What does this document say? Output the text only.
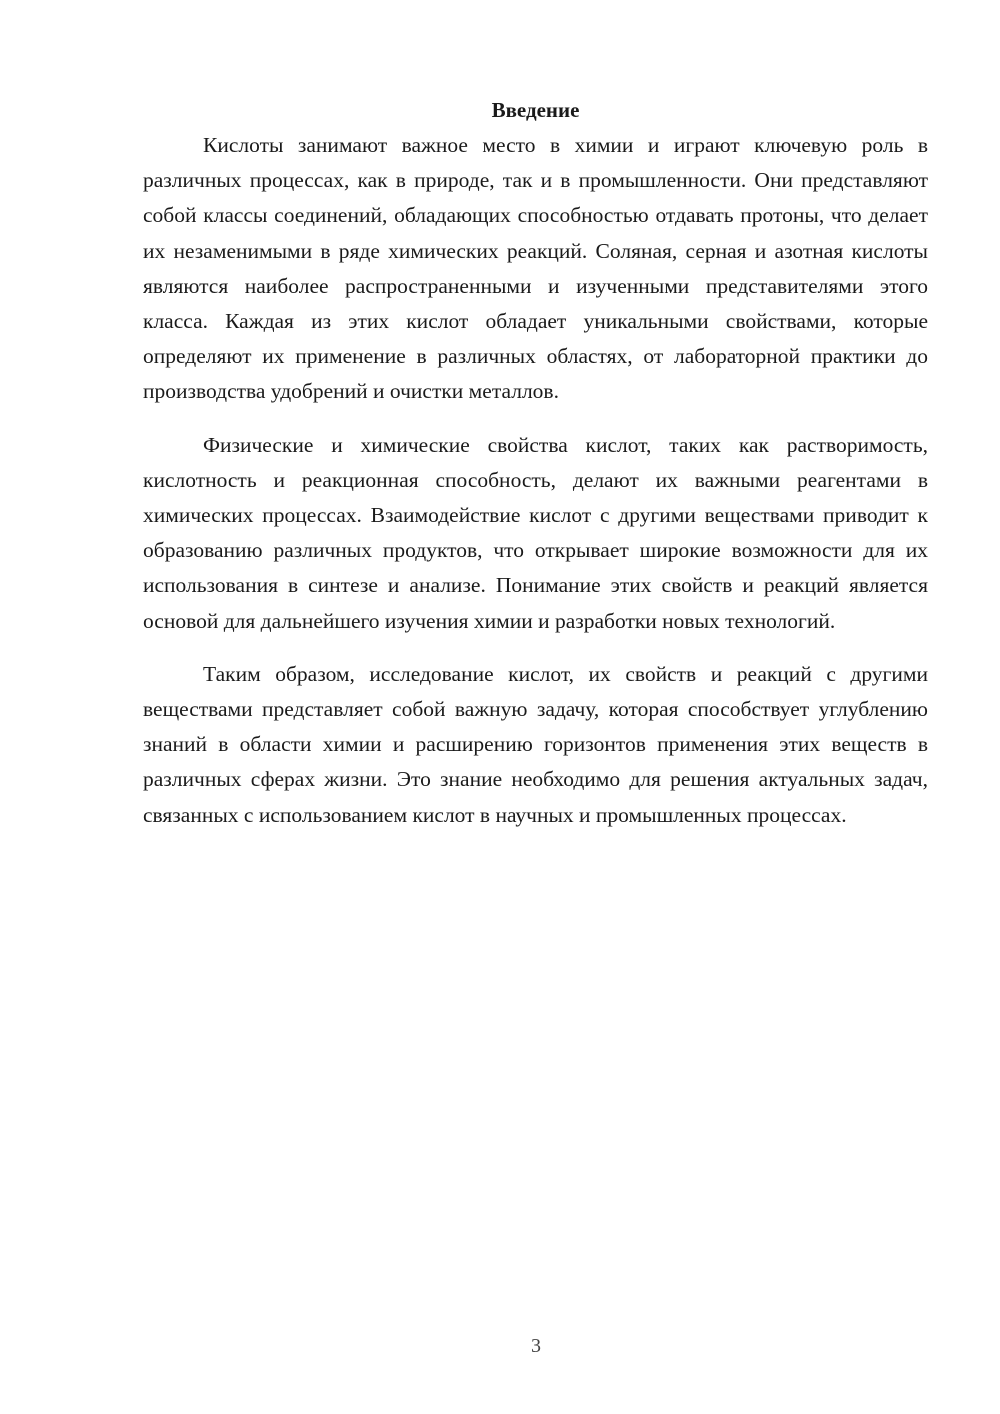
Введение

Кислоты занимают важное место в химии и играют ключевую роль в различных процессах, как в природе, так и в промышленности. Они представляют собой классы соединений, обладающих способностью отдавать протоны, что делает их незаменимыми в ряде химических реакций. Соляная, серная и азотная кислоты являются наиболее распространенными и изученными представителями этого класса. Каждая из этих кислот обладает уникальными свойствами, которые определяют их применение в различных областях, от лабораторной практики до производства удобрений и очистки металлов.

Физические и химические свойства кислот, таких как растворимость, кислотность и реакционная способность, делают их важными реагентами в химических процессах. Взаимодействие кислот с другими веществами приводит к образованию различных продуктов, что открывает широкие возможности для их использования в синтезе и анализе. Понимание этих свойств и реакций является основой для дальнейшего изучения химии и разработки новых технологий.

Таким образом, исследование кислот, их свойств и реакций с другими веществами представляет собой важную задачу, которая способствует углублению знаний в области химии и расширению горизонтов применения этих веществ в различных сферах жизни. Это знание необходимо для решения актуальных задач, связанных с использованием кислот в научных и промышленных процессах.

3
